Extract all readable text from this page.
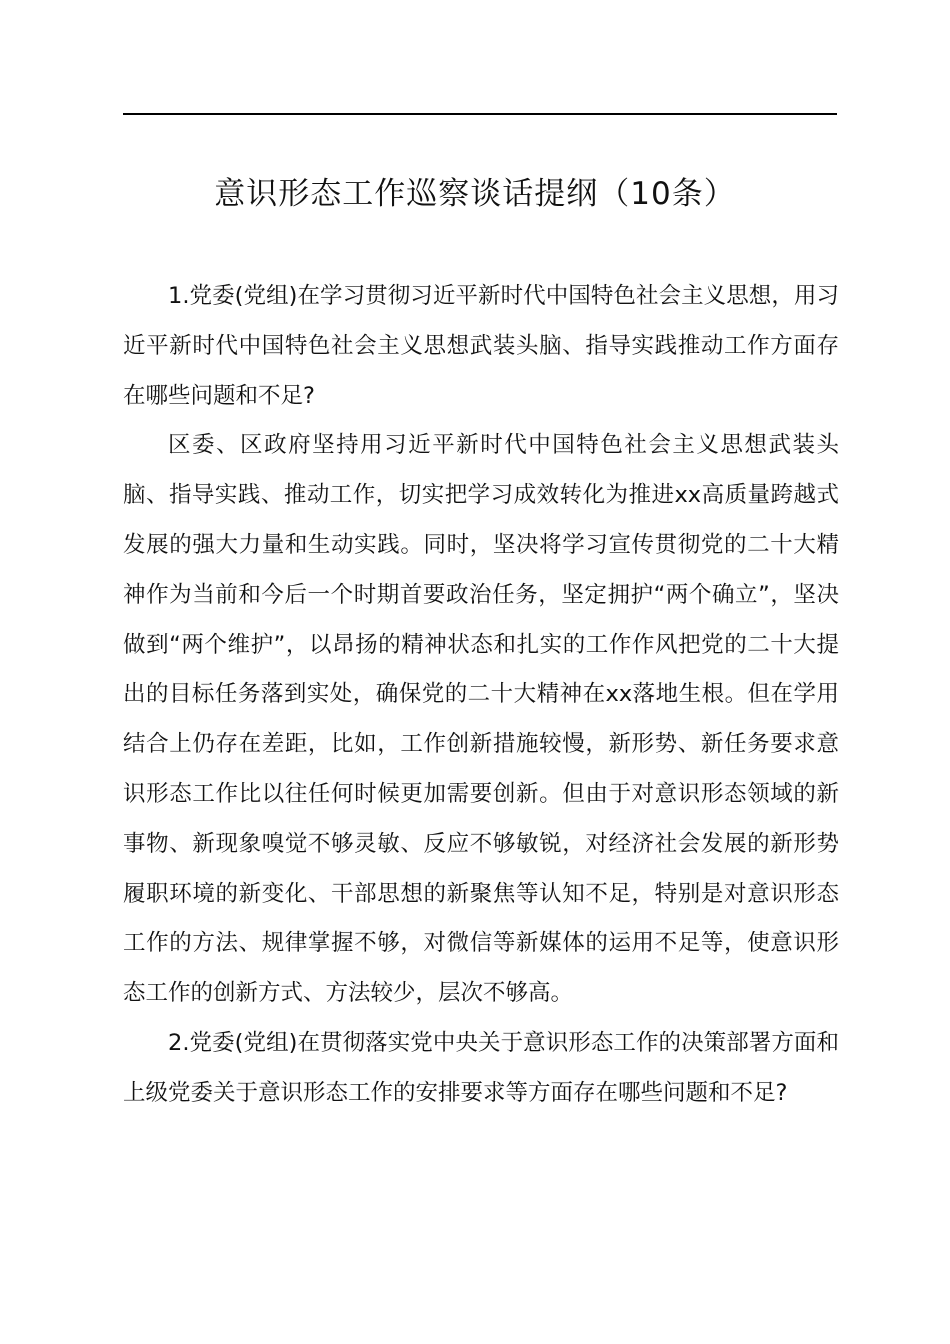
意识形态工作巡察谈话提纲（10条）

1.党委(党组)在学习贯彻习近平新时代中国特色社会主义思想，用习近平新时代中国特色社会主义思想武装头脑、指导实践推动工作方面存在哪些问题和不足?

区委、区政府坚持用习近平新时代中国特色社会主义思想武装头脑、指导实践、推动工作，切实把学习成效转化为推进xx高质量跨越式发展的强大力量和生动实践。同时，坚决将学习宣传贯彻党的二十大精神作为当前和今后一个时期首要政治任务，坚定拥护“两个确立”，坚决做到“两个维护”，以昂扬的精神状态和扎实的工作作风把党的二十大提出的目标任务落到实处，确保党的二十大精神在xx落地生根。但在学用结合上仍存在差距，比如，工作创新措施较慢，新形势、新任务要求意识形态工作比以往任何时候更加需要创新。但由于对意识形态领域的新事物、新现象嗅觉不够灵敏、反应不够敏锐，对经济社会发展的新形势履职环境的新变化、干部思想的新聚焦等认知不足，特别是对意识形态工作的方法、规律掌握不够，对微信等新媒体的运用不足等，使意识形态工作的创新方式、方法较少，层次不够高。

2.党委(党组)在贯彻落实党中央关于意识形态工作的决策部署方面和上级党委关于意识形态工作的安排要求等方面存在哪些问题和不足?
